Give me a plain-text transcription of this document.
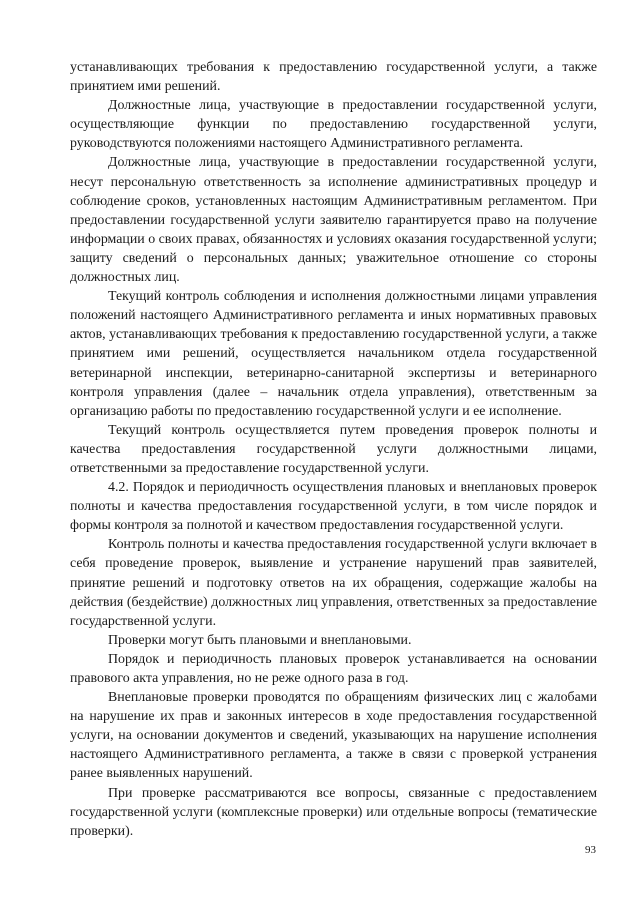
устанавливающих требования к предоставлению государственной услуги, а также принятием ими решений.

Должностные лица, участвующие в предоставлении государственной услуги, осуществляющие функции по предоставлению государственной услуги, руководствуются положениями настоящего Административного регламента.

Должностные лица, участвующие в предоставлении государственной услуги, несут персональную ответственность за исполнение административных процедур и соблюдение сроков, установленных настоящим Административным регламентом. При предоставлении государственной услуги заявителю гарантируется право на получение информации о своих правах, обязанностях и условиях оказания государственной услуги; защиту сведений о персональных данных; уважительное отношение со стороны должностных лиц.

Текущий контроль соблюдения и исполнения должностными лицами управления положений настоящего Административного регламента и иных нормативных правовых актов, устанавливающих требования к предоставлению государственной услуги, а также принятием ими решений, осуществляется начальником отдела государственной ветеринарной инспекции, ветеринарно-санитарной экспертизы и ветеринарного контроля управления (далее – начальник отдела управления), ответственным за организацию работы по предоставлению государственной услуги и ее исполнение.

Текущий контроль осуществляется путем проведения проверок полноты и качества предоставления государственной услуги должностными лицами, ответственными за предоставление государственной услуги.

4.2. Порядок и периодичность осуществления плановых и внеплановых проверок полноты и качества предоставления государственной услуги, в том числе порядок и формы контроля за полнотой и качеством предоставления государственной услуги.

Контроль полноты и качества предоставления государственной услуги включает в себя проведение проверок, выявление и устранение нарушений прав заявителей, принятие решений и подготовку ответов на их обращения, содержащие жалобы на действия (бездействие) должностных лиц управления, ответственных за предоставление государственной услуги.

Проверки могут быть плановыми и внеплановыми.

Порядок и периодичность плановых проверок устанавливается на основании правового акта управления, но не реже одного раза в год.

Внеплановые проверки проводятся по обращениям физических лиц с жалобами на нарушение их прав и законных интересов в ходе предоставления государственной услуги, на основании документов и сведений, указывающих на нарушение исполнения настоящего Административного регламента, а также в связи с проверкой устранения ранее выявленных нарушений.

При проверке рассматриваются все вопросы, связанные с предоставлением государственной услуги (комплексные проверки) или отдельные вопросы (тематические проверки).

93
